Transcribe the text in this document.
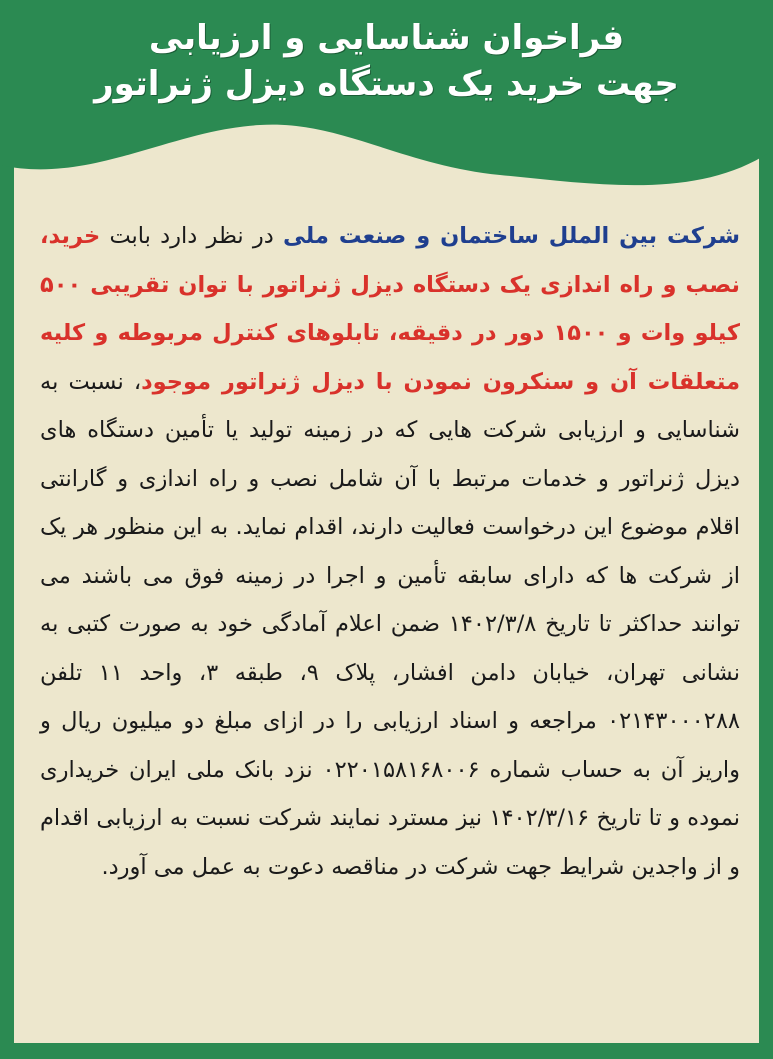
فراخوان شناسایی و ارزیابی
جهت خرید یک دستگاه دیزل ژنراتور

شرکت بین الملل ساختمان و صنعت ملی در نظر دارد بابت خرید، نصب و راه اندازی یک دستگاه دیزل ژنراتور با توان تقریبی ۵۰۰ کیلو وات و ۱۵۰۰ دور در دقیقه، تابلوهای کنترل مربوطه و کلیه متعلقات آن و سنکرون نمودن با دیزل ژنراتور موجود، نسبت به شناسایی و ارزیابی شرکت هایی که در زمینه تولید یا تأمین دستگاه های دیزل ژنراتور و خدمات مرتبط با آن شامل نصب و راه اندازی و گارانتی اقلام موضوع این درخواست فعالیت دارند، اقدام نماید. به این منظور هر یک از شرکت ها که دارای سابقه تأمین و اجرا در زمینه فوق می باشند می توانند حداکثر تا تاریخ ۱۴۰۲/۳/۸ ضمن اعلام آمادگی خود به صورت کتبی به نشانی تهران، خیابان دامن افشار، پلاک ۹، طبقه ۳، واحد ۱۱ تلفن ۰۲۱۴۳۰۰۰۲۸۸ مراجعه و اسناد ارزیابی را در ازای مبلغ دو میلیون ریال و واریز آن به حساب شماره ۰۲۲۰۱۵۸۱۶۸۰۰۶ نزد بانک ملی ایران خریداری نموده و تا تاریخ ۱۴۰۲/۳/۱۶ نیز مسترد نمایند شرکت نسبت به ارزیابی اقدام و از واجدین شرایط جهت شرکت در مناقصه دعوت به عمل می آورد.
